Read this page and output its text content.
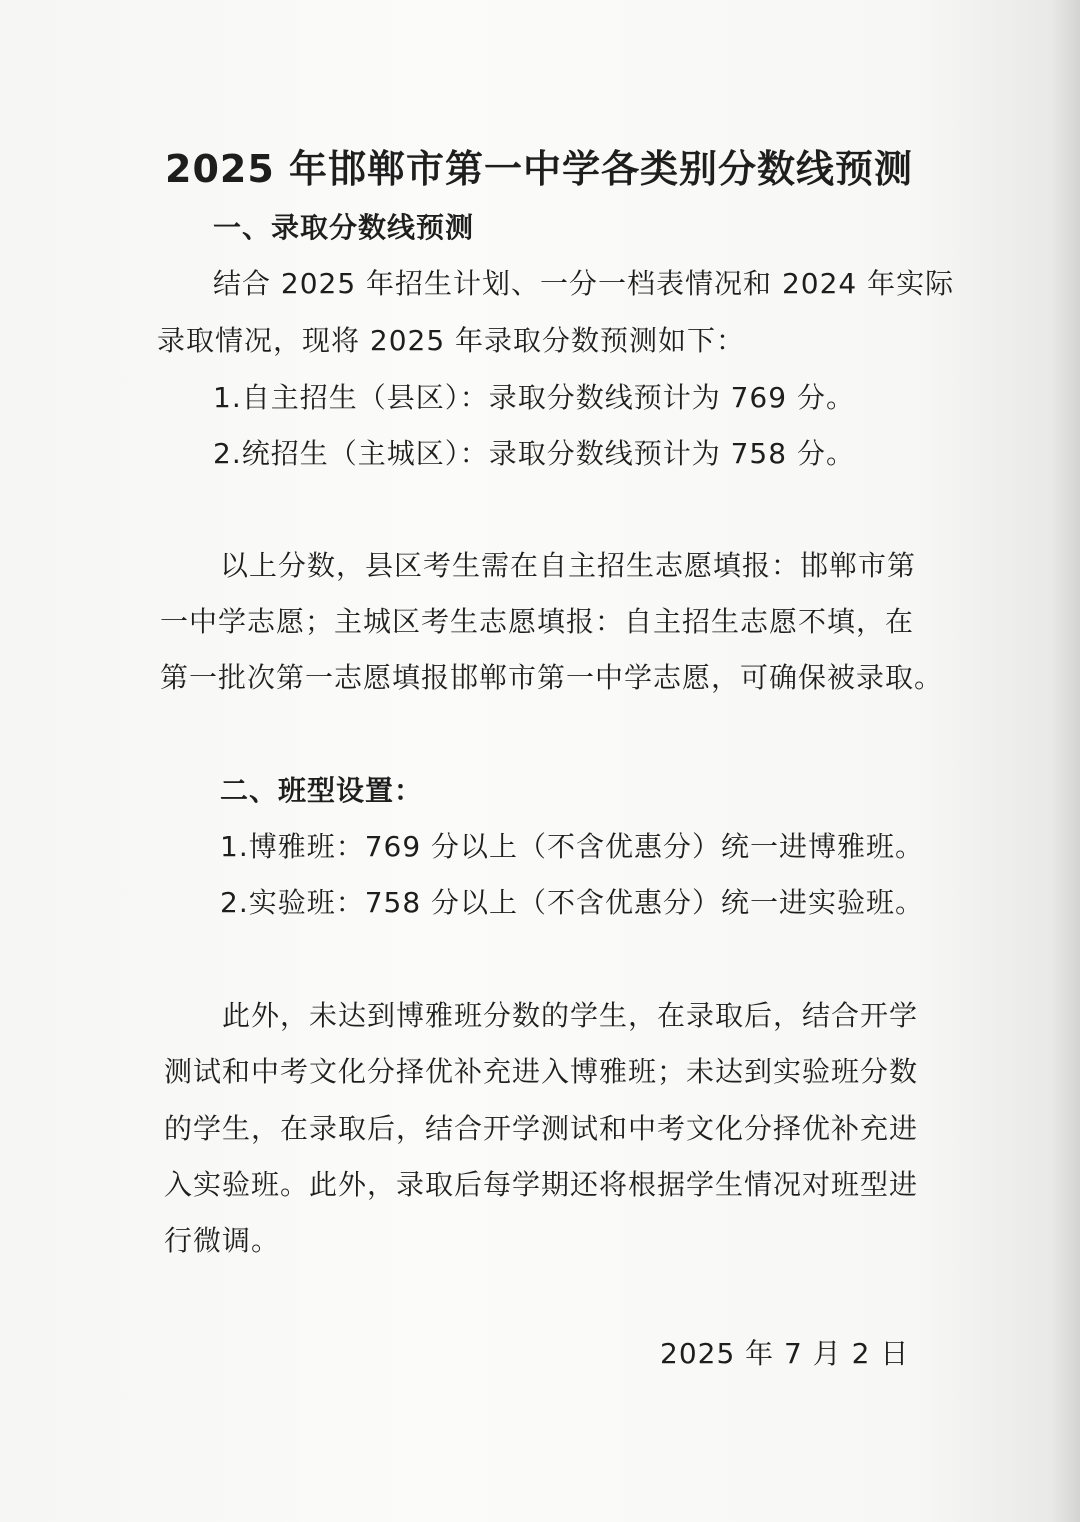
2025 年邯郸市第一中学各类别分数线预测
一、录取分数线预测
结合 2025 年招生计划、一分一档表情况和 2024 年实际
录取情况，现将 2025 年录取分数预测如下：
1.自主招生（县区）：录取分数线预计为 769 分。
2.统招生（主城区）：录取分数线预计为 758 分。
以上分数，县区考生需在自主招生志愿填报：邯郸市第
一中学志愿；主城区考生志愿填报：自主招生志愿不填，在
第一批次第一志愿填报邯郸市第一中学志愿，可确保被录取。
二、班型设置：
1.博雅班：769 分以上（不含优惠分）统一进博雅班。
2.实验班：758 分以上（不含优惠分）统一进实验班。
此外，未达到博雅班分数的学生，在录取后，结合开学
测试和中考文化分择优补充进入博雅班；未达到实验班分数
的学生，在录取后，结合开学测试和中考文化分择优补充进
入实验班。此外，录取后每学期还将根据学生情况对班型进
行微调。
2025 年 7 月 2 日
